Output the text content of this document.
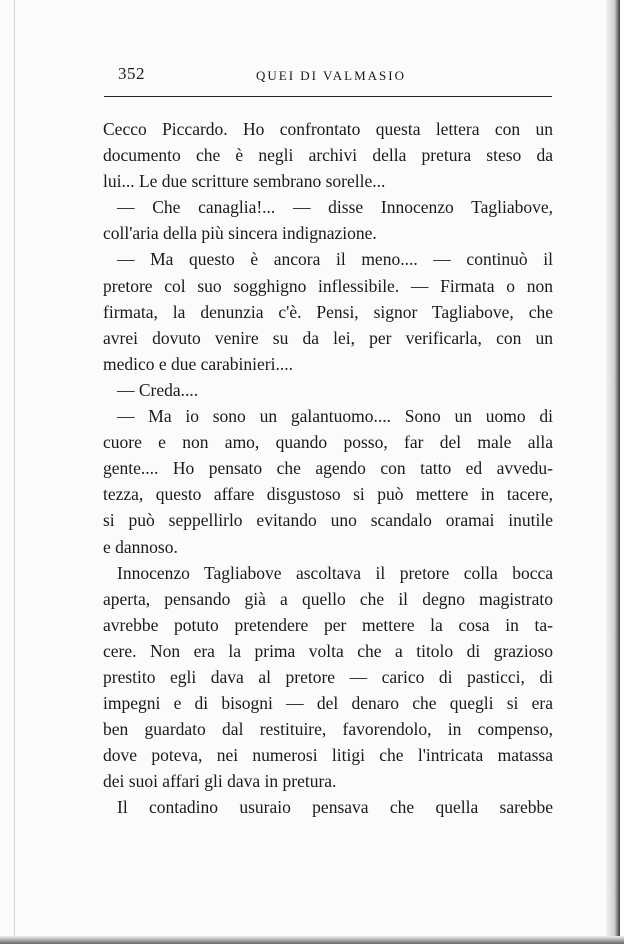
352	QUEI DI VALMASIO
Cecco Piccardo. Ho confrontato questa lettera con un
documento che è negli archivi della pretura steso da
lui... Le due scritture sembrano sorelle...
— Che canaglia!... — disse Innocenzo Tagliabove,
coll'aria della più sincera indignazione.
— Ma questo è ancora il meno.... — continuò il
pretore col suo sogghigno inflessibile. — Firmata o non
firmata, la denunzia c'è. Pensi, signor Tagliabove, che
avrei dovuto venire su da lei, per verificarla, con un
medico e due carabinieri....
— Creda....
— Ma io sono un galantuomo.... Sono un uomo di
cuore e non amo, quando posso, far del male alla
gente.... Ho pensato che agendo con tatto ed avvedu-
tezza, questo affare disgustoso si può mettere in tacere,
si può seppellirlo evitando uno scandalo oramai inutile
e dannoso.
Innocenzo Tagliabove ascoltava il pretore colla bocca
aperta, pensando già a quello che il degno magistrato
avrebbe potuto pretendere per mettere la cosa in ta-
cere. Non era la prima volta che a titolo di grazioso
prestito egli dava al pretore — carico di pasticci, di
impegni e di bisogni — del denaro che quegli si era
ben guardato dal restituire, favorendolo, in compenso,
dove poteva, nei numerosi litigi che l'intricata matassa
dei suoi affari gli dava in pretura.
Il contadino usuraio pensava che quella sarebbe
